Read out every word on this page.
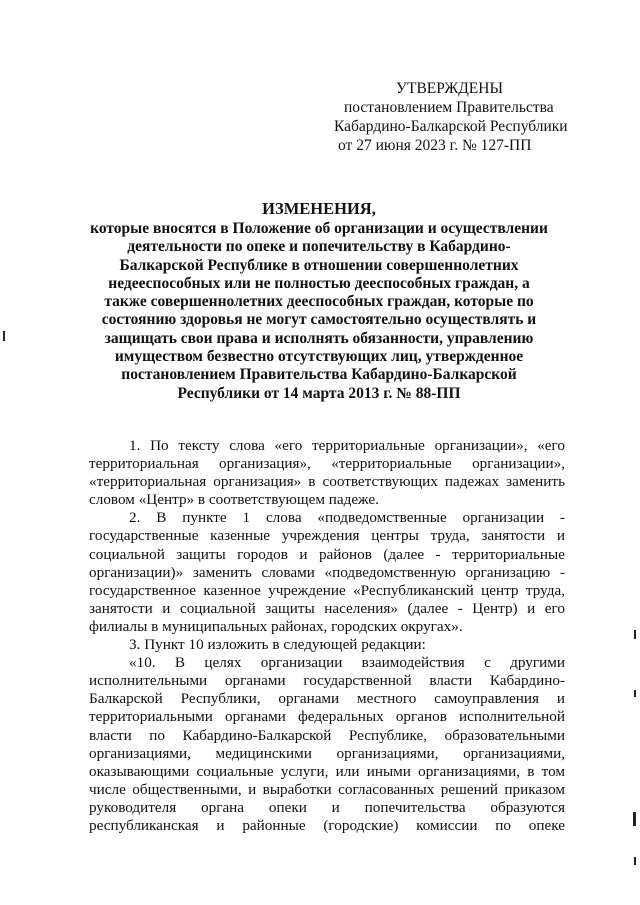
УТВЕРЖДЕНЫ
постановлением Правительства
Кабардино-Балкарской Республики
от 27 июня 2023 г. № 127-ПП
ИЗМЕНЕНИЯ,
которые вносятся в Положение об организации и осуществлении деятельности по опеке и попечительству в Кабардино-Балкарской Республике в отношении совершеннолетних недееспособных или не полностью дееспособных граждан, а также совершеннолетних дееспособных граждан, которые по состоянию здоровья не могут самостоятельно осуществлять и защищать свои права и исполнять обязанности, управлению имуществом безвестно отсутствующих лиц, утвержденное постановлением Правительства Кабардино-Балкарской Республики от 14 марта 2013 г. № 88-ПП

1. По тексту слова «его территориальные организации», «его территориальная организация», «территориальные организации», «территориальная организация» в соответствующих падежах заменить словом «Центр» в соответствующем падеже.

2. В пункте 1 слова «подведомственные организации - государственные казенные учреждения центры труда, занятости и социальной защиты городов и районов (далее - территориальные организации)» заменить словами «подведомственную организацию - государственное казенное учреждение «Республиканский центр труда, занятости и социальной защиты населения» (далее - Центр) и его филиалы в муниципальных районах, городских округах».

3. Пункт 10 изложить в следующей редакции:

«10. В целях организации взаимодействия с другими исполнительными органами государственной власти Кабардино-Балкарской Республики, органами местного самоуправления и территориальными органами федеральных органов исполнительной власти по Кабардино-Балкарской Республике, образовательными организациями, медицинскими организациями, организациями, оказывающими социальные услуги, или иными организациями, в том числе общественными, и выработки согласованных решений приказом руководителя органа опеки и попечительства образуются республиканская и районные (городские) комиссии по опеке
